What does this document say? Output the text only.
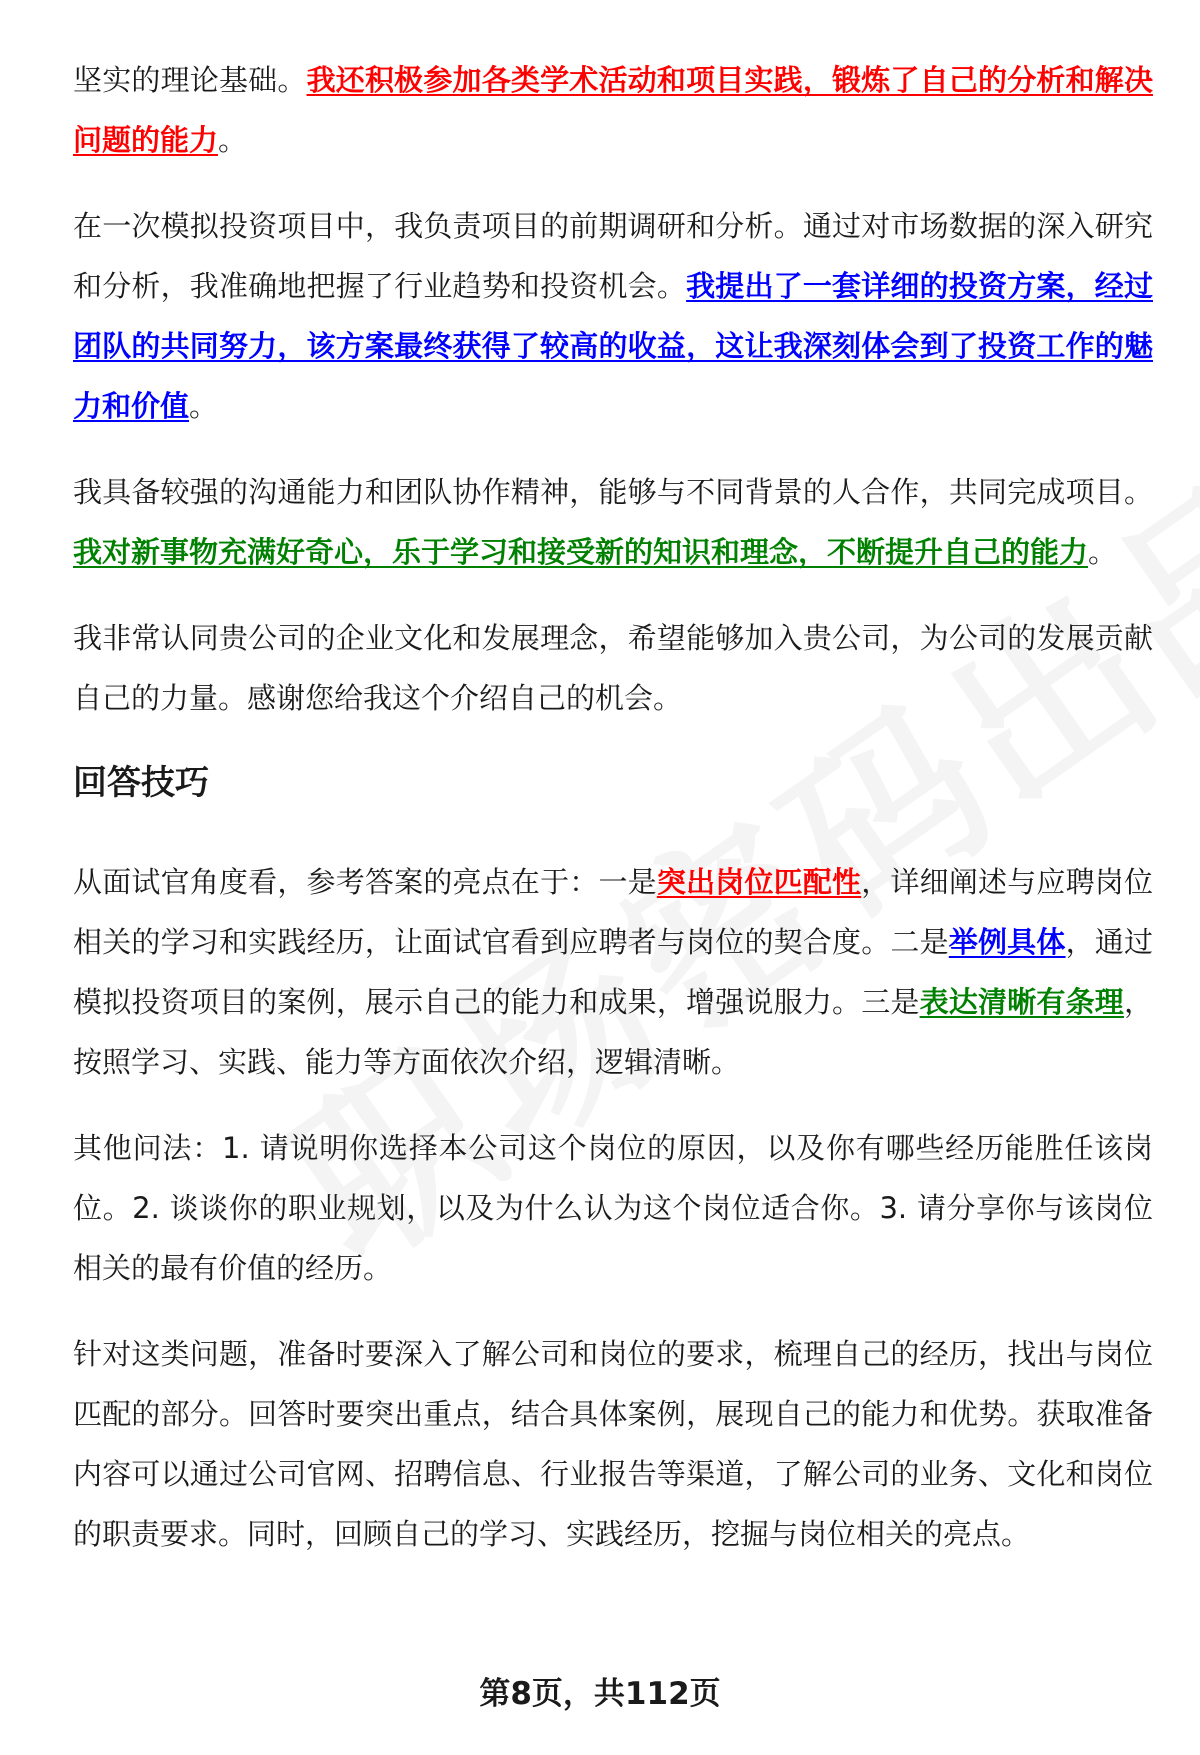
坚实的理论基础。我还积极参加各类学术活动和项目实践，锻炼了自己的分析和解决问题的能力。

在一次模拟投资项目中，我负责项目的前期调研和分析。通过对市场数据的深入研究和分析，我准确地把握了行业趋势和投资机会。我提出了一套详细的投资方案，经过团队的共同努力，该方案最终获得了较高的收益，这让我深刻体会到了投资工作的魅力和价值。

我具备较强的沟通能力和团队协作精神，能够与不同背景的人合作，共同完成项目。我对新事物充满好奇心，乐于学习和接受新的知识和理念，不断提升自己的能力。

我非常认同贵公司的企业文化和发展理念，希望能够加入贵公司，为公司的发展贡献自己的力量。感谢您给我这个介绍自己的机会。

回答技巧

从面试官角度看，参考答案的亮点在于：一是突出岗位匹配性，详细阐述与应聘岗位相关的学习和实践经历，让面试官看到应聘者与岗位的契合度。二是举例具体，通过模拟投资项目的案例，展示自己的能力和成果，增强说服力。三是表达清晰有条理，按照学习、实践、能力等方面依次介绍，逻辑清晰。

其他问法：1. 请说明你选择本公司这个岗位的原因，以及你有哪些经历能胜任该岗位。2. 谈谈你的职业规划，以及为什么认为这个岗位适合你。3. 请分享你与该岗位相关的最有价值的经历。

针对这类问题，准备时要深入了解公司和岗位的要求，梳理自己的经历，找出与岗位匹配的部分。回答时要突出重点，结合具体案例，展现自己的能力和优势。获取准备内容可以通过公司官网、招聘信息、行业报告等渠道，了解公司的业务、文化和岗位的职责要求。同时，回顾自己的学习、实践经历，挖掘与岗位相关的亮点。

第8页，共112页
